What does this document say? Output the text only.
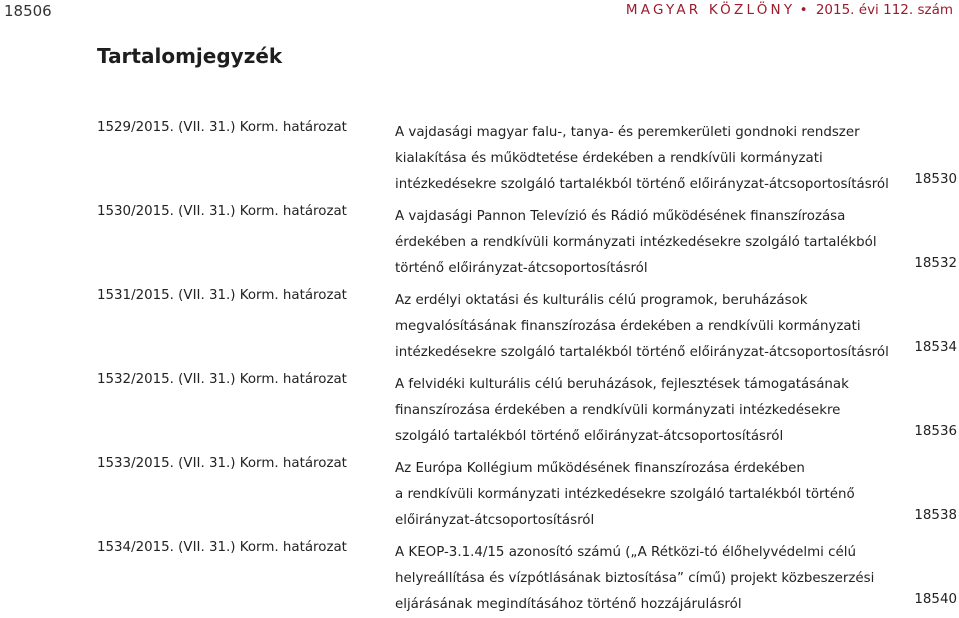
18506	MAGYAR KÖZLÖNY • 2015. évi 112. szám
Tartalomjegyzék
1529/2015. (VII. 31.) Korm. határozat	A vajdasági magyar falu-, tanya- és peremkerületi gondnoki rendszer
kialakítása és működtetése érdekében a rendkívüli kormányzati
intézkedésekre szolgáló tartalékból történő előirányzat-átcsoportosításról	18530
1530/2015. (VII. 31.) Korm. határozat	A vajdasági Pannon Televízió és Rádió működésének finanszírozása
érdekében a rendkívüli kormányzati intézkedésekre szolgáló tartalékból
történő előirányzat-átcsoportosításról	18532
1531/2015. (VII. 31.) Korm. határozat	Az erdélyi oktatási és kulturális célú programok, beruházások
megvalósításának finanszírozása érdekében a rendkívüli kormányzati
intézkedésekre szolgáló tartalékból történő előirányzat-átcsoportosításról	18534
1532/2015. (VII. 31.) Korm. határozat	A felvidéki kulturális célú beruházások, fejlesztések támogatásának
finanszírozása érdekében a rendkívüli kormányzati intézkedésekre
szolgáló tartalékból történő előirányzat-átcsoportosításról	18536
1533/2015. (VII. 31.) Korm. határozat	Az Európa Kollégium működésének finanszírozása érdekében
a rendkívüli kormányzati intézkedésekre szolgáló tartalékból történő
előirányzat-átcsoportosításról	18538
1534/2015. (VII. 31.) Korm. határozat	A KEOP-3.1.4/15 azonosító számú („A Rétközi-tó élőhelyvédelmi célú
helyreállítása és vízpótlásának biztosítása” című) projekt közbeszerzési
eljárásának megindításához történő hozzájárulásról	18540
